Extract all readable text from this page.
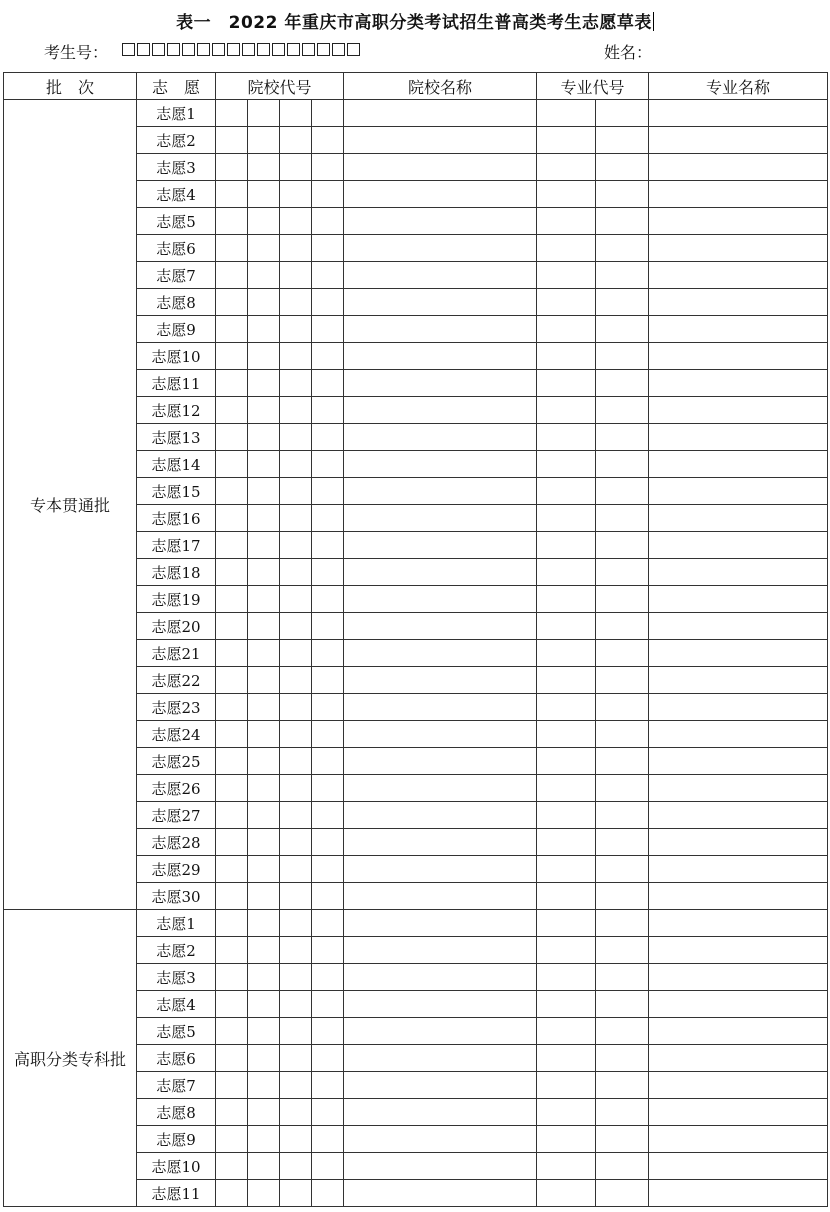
表一　2022 年重庆市高职分类考试招生普高类考生志愿草表
考生号：	姓名：
批　次	志　愿	院校代号				院校名称	专业代号		专业名称
专本贯通批	志愿1								
	志愿2								
	志愿3								
	志愿4								
	志愿5								
	志愿6								
	志愿7								
	志愿8								
	志愿9								
	志愿10								
	志愿11								
	志愿12								
	志愿13								
	志愿14								
	志愿15								
	志愿16								
	志愿17								
	志愿18								
	志愿19								
	志愿20								
	志愿21								
	志愿22								
	志愿23								
	志愿24								
	志愿25								
	志愿26								
	志愿27								
	志愿28								
	志愿29								
	志愿30								
高职分类专科批	志愿1								
	志愿2								
	志愿3								
	志愿4								
	志愿5								
	志愿6								
	志愿7								
	志愿8								
	志愿9								
	志愿10								
	志愿11								
